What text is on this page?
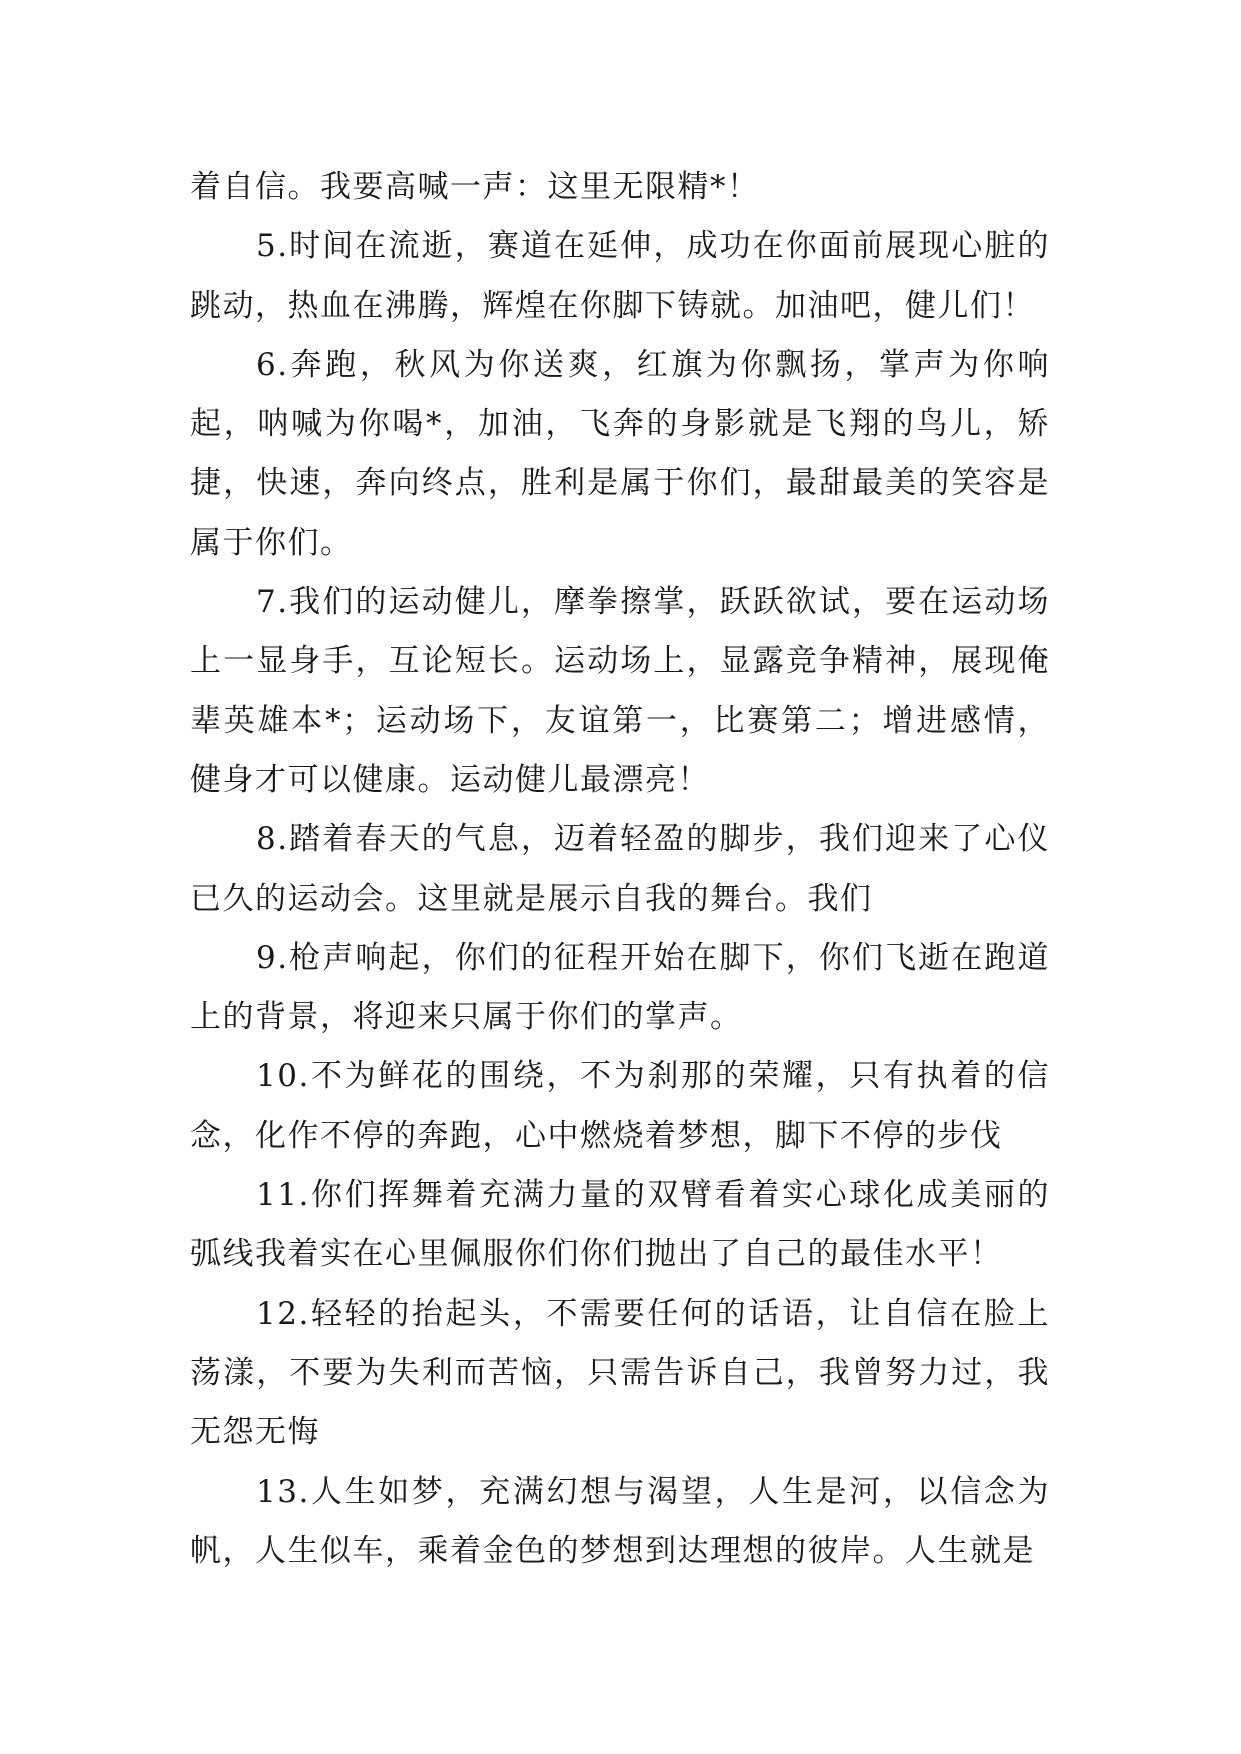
着自信。我要高喊一声：这里无限精*！

5.时间在流逝，赛道在延伸，成功在你面前展现心脏的跳动，热血在沸腾，辉煌在你脚下铸就。加油吧，健儿们！

6.奔跑，秋风为你送爽，红旗为你飘扬，掌声为你响起，呐喊为你喝*，加油，飞奔的身影就是飞翔的鸟儿，矫捷，快速，奔向终点，胜利是属于你们，最甜最美的笑容是属于你们。

7.我们的运动健儿，摩拳擦掌，跃跃欲试，要在运动场上一显身手，互论短长。运动场上，显露竞争精神，展现俺辈英雄本*；运动场下，友谊第一，比赛第二；增进感情，健身才可以健康。运动健儿最漂亮！

8.踏着春天的气息，迈着轻盈的脚步，我们迎来了心仪已久的运动会。这里就是展示自我的舞台。我们

9.枪声响起，你们的征程开始在脚下，你们飞逝在跑道上的背景，将迎来只属于你们的掌声。

10.不为鲜花的围绕，不为刹那的荣耀，只有执着的信念，化作不停的奔跑，心中燃烧着梦想，脚下不停的步伐

11.你们挥舞着充满力量的双臂看着实心球化成美丽的弧线我着实在心里佩服你们你们抛出了自己的最佳水平！

12.轻轻的抬起头，不需要任何的话语，让自信在脸上荡漾，不要为失利而苦恼，只需告诉自己，我曾努力过，我无怨无悔

13.人生如梦，充满幻想与渴望，人生是河，以信念为帆，人生似车，乘着金色的梦想到达理想的彼岸。人生就是
